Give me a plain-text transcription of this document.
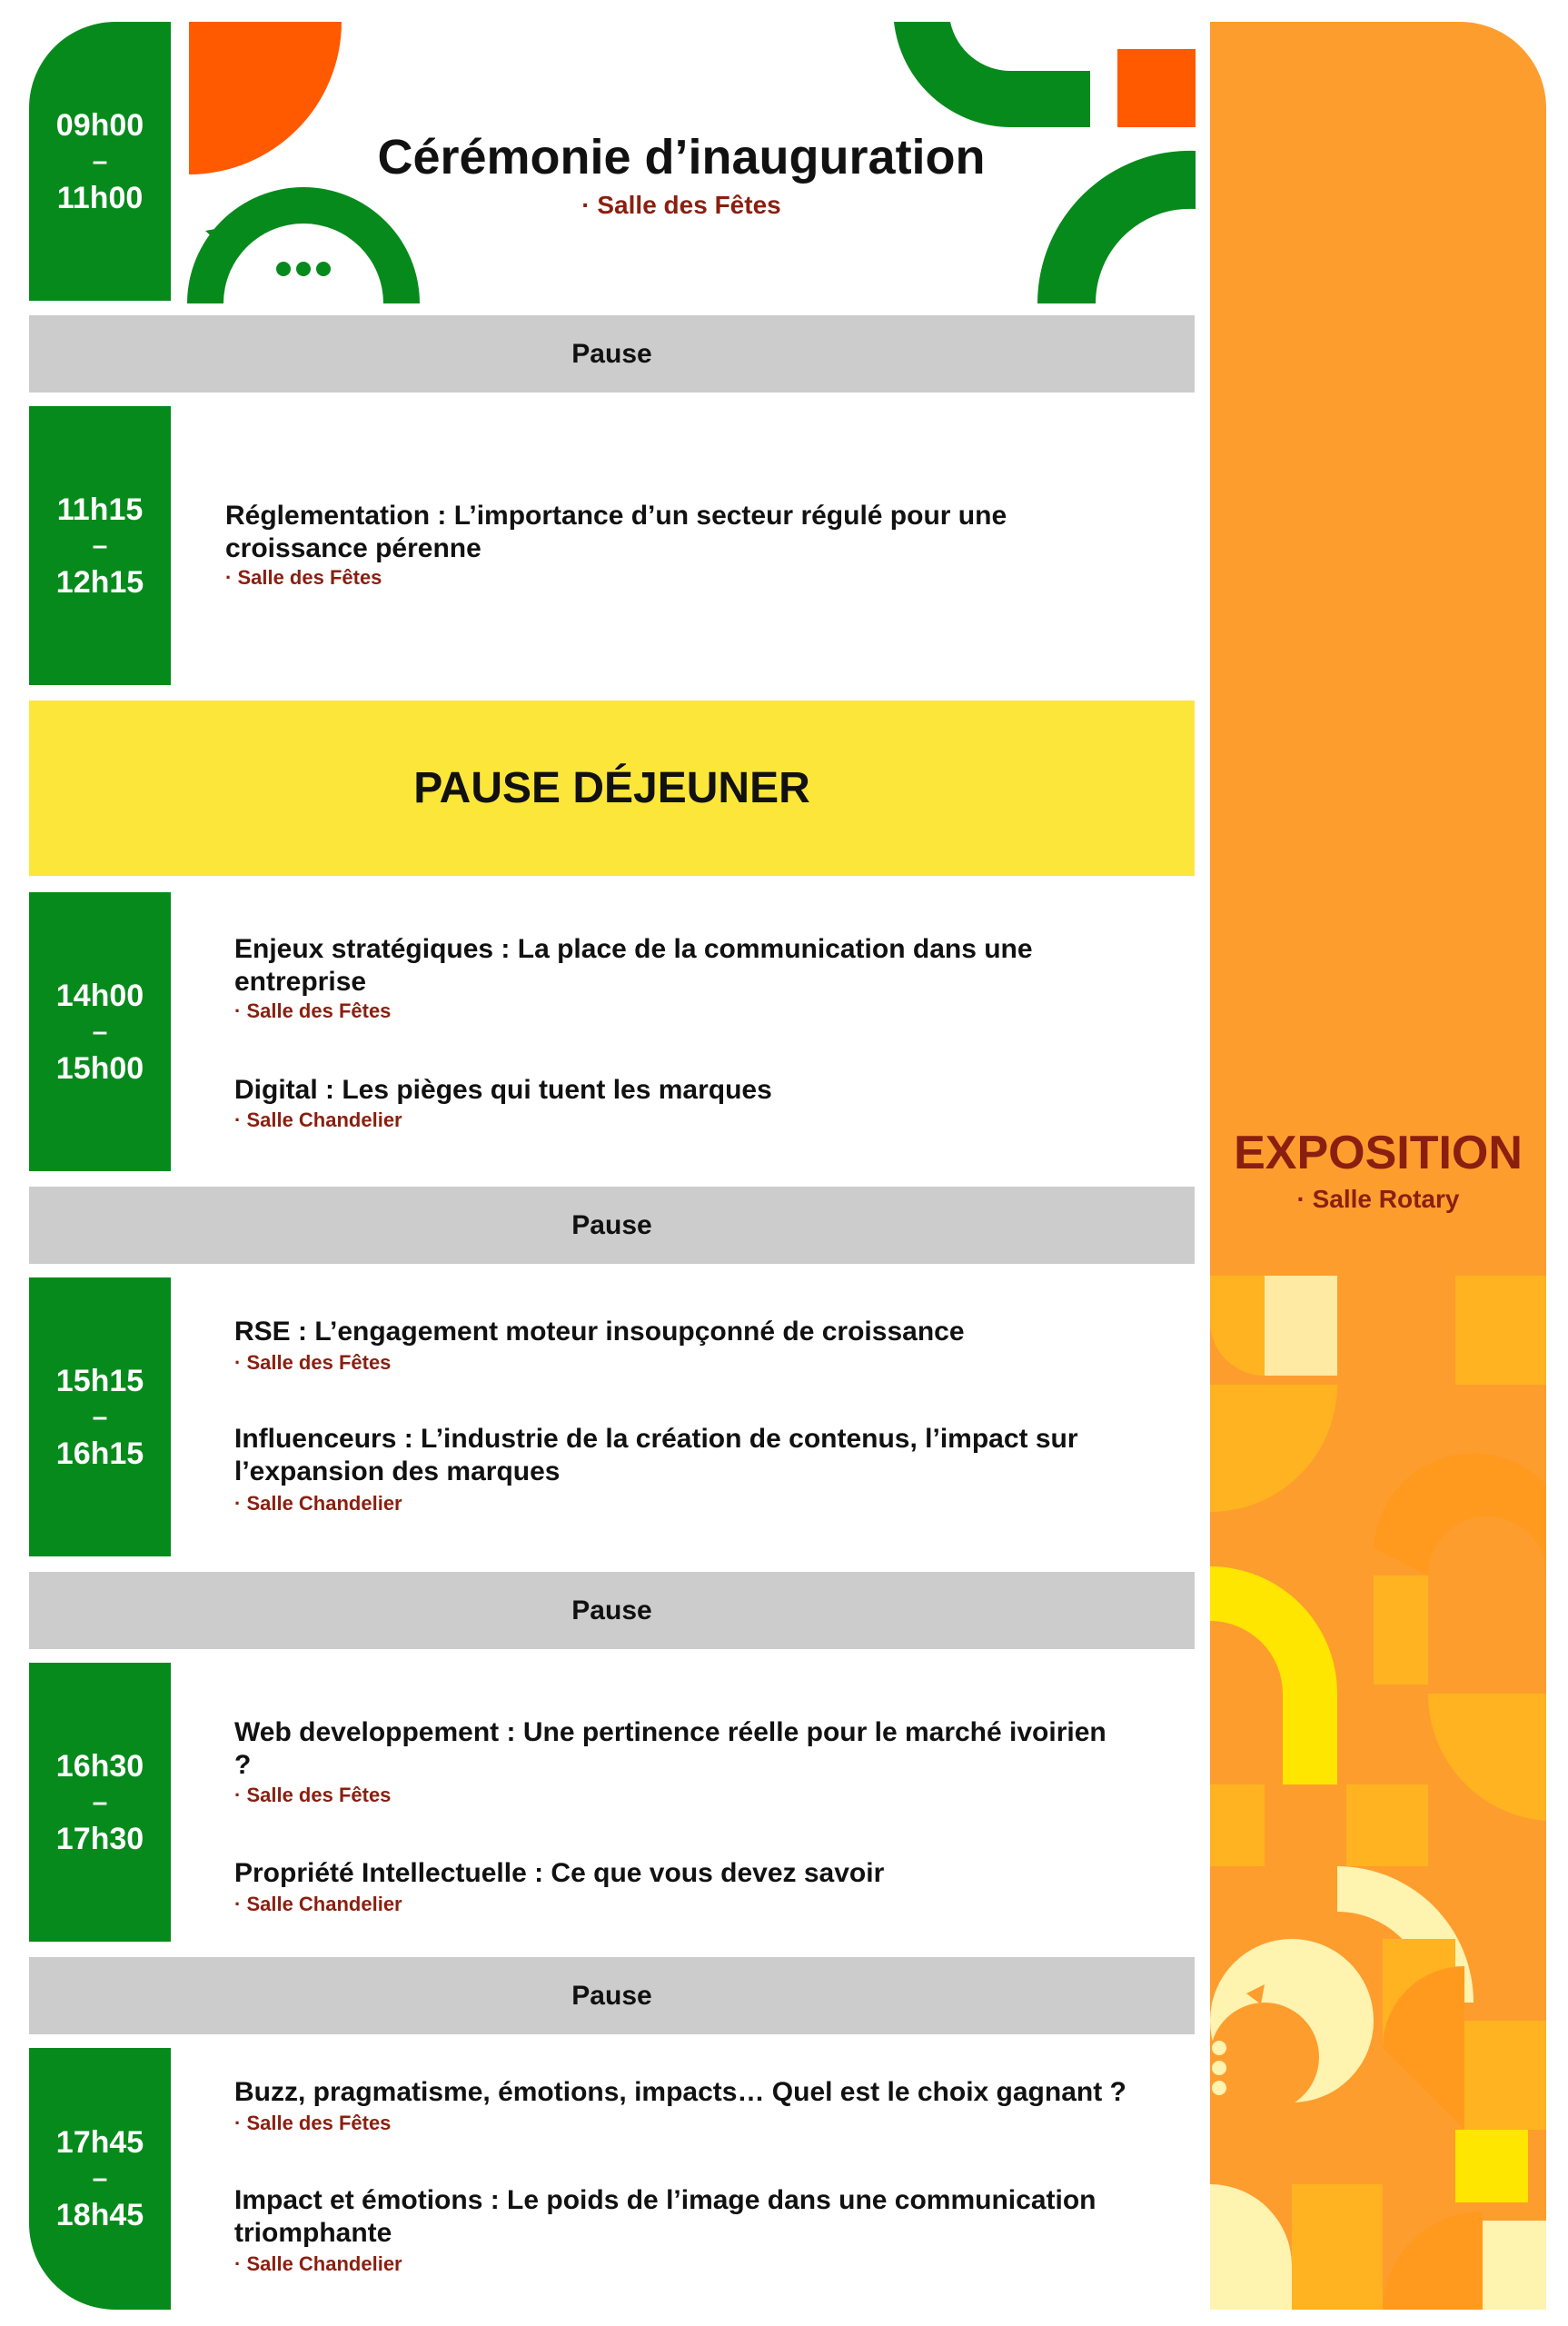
09h00
–
11h00
Cérémonie d’inauguration
· Salle des Fêtes
Pause
11h15
–
12h15
Réglementation : L’importance d’un secteur régulé pour une croissance pérenne
· Salle des Fêtes
PAUSE DÉJEUNER
14h00
–
15h00
Enjeux stratégiques : La place de la communication dans une entreprise
· Salle des Fêtes
Digital : Les pièges qui tuent les marques
· Salle Chandelier
Pause
15h15
–
16h15
RSE : L’engagement moteur insoupçonné de croissance
· Salle des Fêtes
Influenceurs : L’industrie de la création de contenus, l’impact sur l’expansion des marques
· Salle Chandelier
Pause
16h30
–
17h30
Web developpement : Une pertinence réelle pour le marché ivoirien ?
· Salle des Fêtes
Propriété Intellectuelle : Ce que vous devez savoir
· Salle Chandelier
Pause
17h45
–
18h45
Buzz, pragmatisme, émotions, impacts… Quel est le choix gagnant ?
· Salle des Fêtes
Impact et émotions : Le poids de l’image dans une communication triomphante
· Salle Chandelier
EXPOSITION
· Salle Rotary
